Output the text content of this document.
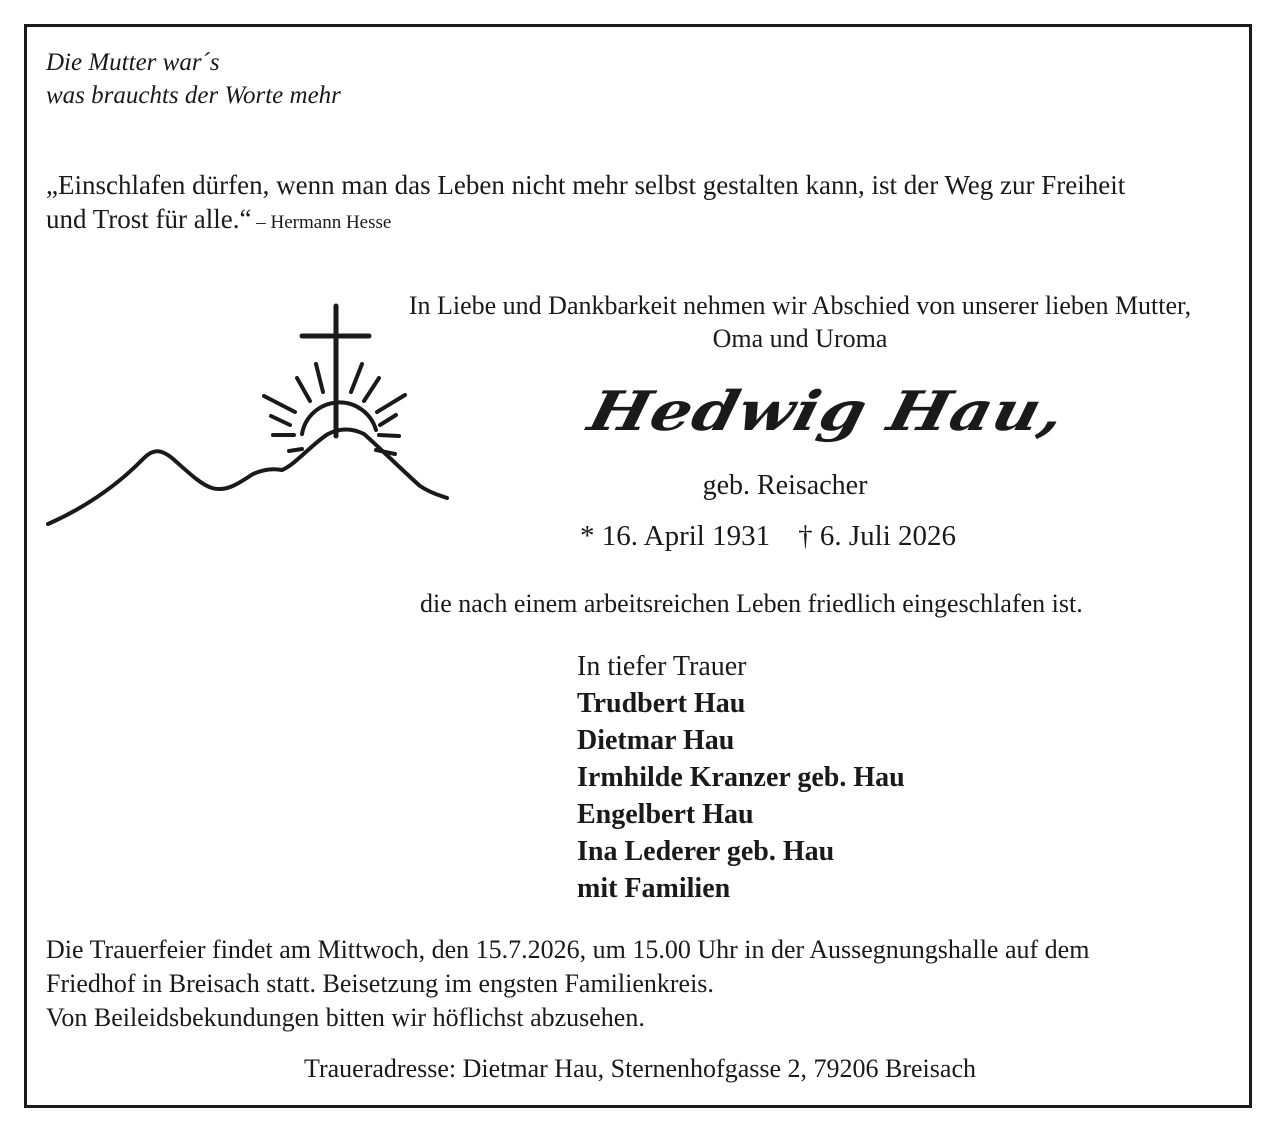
Die Mutter war´s
was brauchts der Worte mehr
„Einschlafen dürfen, wenn man das Leben nicht mehr selbst gestalten kann, ist der Weg zur Freiheit
und Trost für alle.“ – Hermann Hesse
In Liebe und Dankbarkeit nehmen wir Abschied von unserer lieben Mutter,
Oma und Uroma
Hedwig Hau,
geb. Reisacher
* 16. April 1931 † 6. Juli 2026
die nach einem arbeitsreichen Leben friedlich eingeschlafen ist.
In tiefer Trauer
Trudbert Hau
Dietmar Hau
Irmhilde Kranzer geb. Hau
Engelbert Hau
Ina Lederer geb. Hau
mit Familien
Die Trauerfeier findet am Mittwoch, den 15.7.2026, um 15.00 Uhr in der Aussegnungshalle auf dem
Friedhof in Breisach statt. Beisetzung im engsten Familienkreis.
Von Beileidsbekundungen bitten wir höflichst abzusehen.
Traueradresse: Dietmar Hau, Sternenhofgasse 2, 79206 Breisach
